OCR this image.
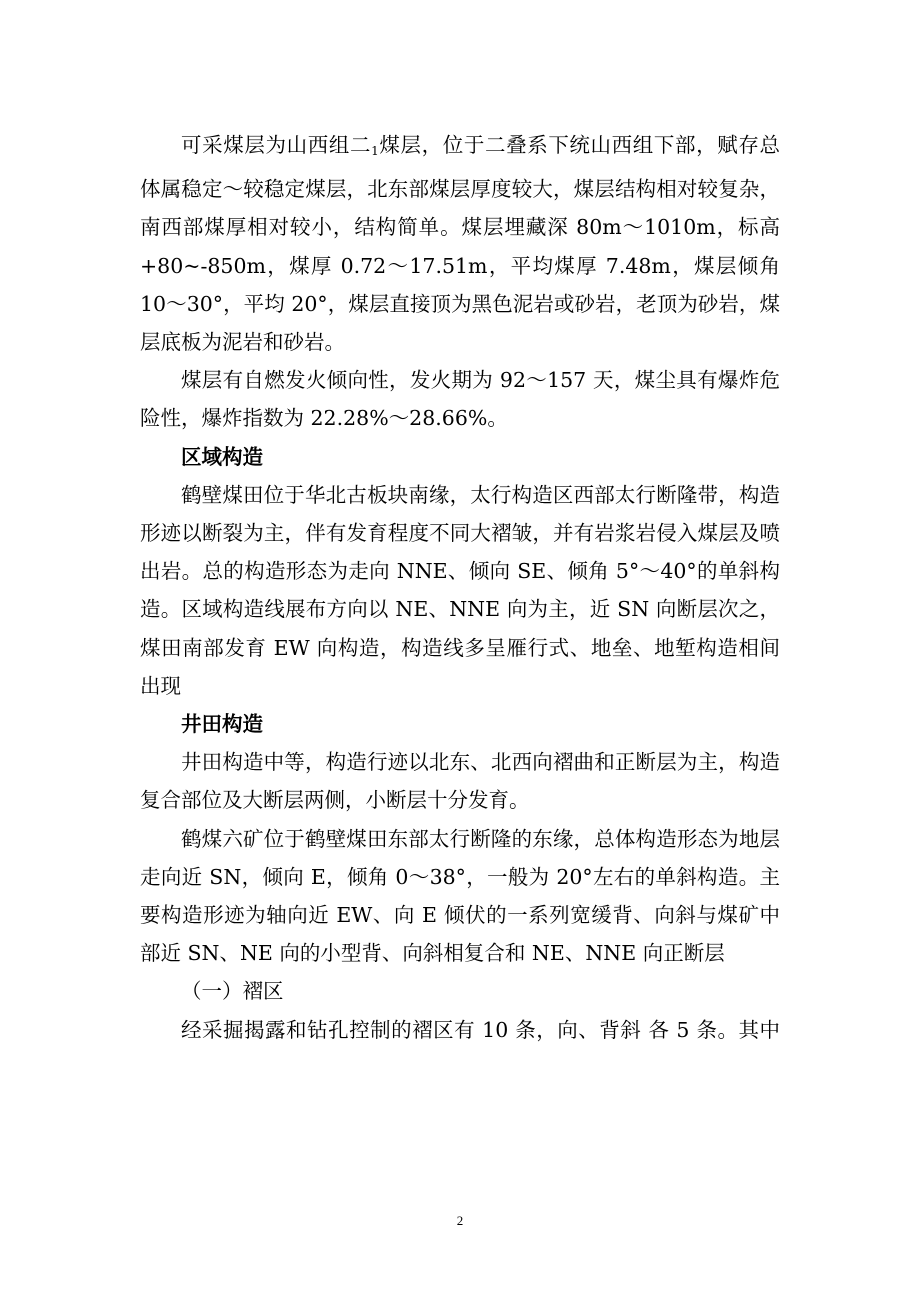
可采煤层为山西组二$_1$煤层，位于二叠系下统山西组下部，赋存总体属稳定～较稳定煤层，北东部煤层厚度较大，煤层结构相对较复杂，南西部煤厚相对较小，结构简单。煤层埋藏深 80m～1010m，标高+80~-850m，煤厚 0.72～17.51m，平均煤厚 7.48m，煤层倾角 10～30°，平均 20°，煤层直接顶为黑色泥岩或砂岩，老顶为砂岩，煤层底板为泥岩和砂岩。

煤层有自燃发火倾向性，发火期为 92～157 天，煤尘具有爆炸危险性，爆炸指数为 22.28%～28.66%。

区域构造

鹤壁煤田位于华北古板块南缘，太行构造区西部太行断隆带，构造形迹以断裂为主，伴有发育程度不同大褶皱，并有岩浆岩侵入煤层及喷出岩。总的构造形态为走向 NNE、倾向 SE、倾角 5°～40°的单斜构造。区域构造线展布方向以 NE、NNE 向为主，近 SN 向断层次之，煤田南部发育 EW 向构造，构造线多呈雁行式、地垒、地堑构造相间出现

井田构造

井田构造中等，构造行迹以北东、北西向褶曲和正断层为主，构造复合部位及大断层两侧，小断层十分发育。

鹤煤六矿位于鹤壁煤田东部太行断隆的东缘，总体构造形态为地层走向近 SN，倾向 E，倾角 0～38°，一般为 20°左右的单斜构造。主要构造形迹为轴向近 EW、向 E 倾伏的一系列宽缓背、向斜与煤矿中部近 SN、NE 向的小型背、向斜相复合和 NE、NNE 向正断层

（一）褶区

经采掘揭露和钻孔控制的褶区有 10 条，向、背斜 各 5 条。其中

2
